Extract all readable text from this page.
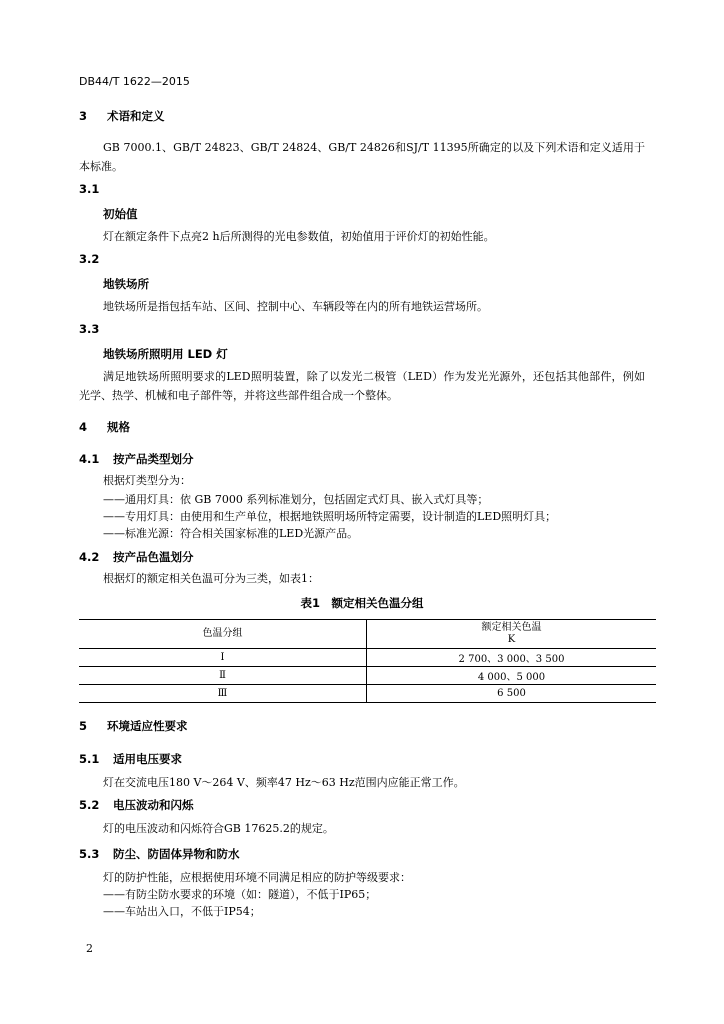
DB44/T 1622—2015
3 术语和定义
GB 7000.1、GB/T 24823、GB/T 24824、GB/T 24826和SJ/T 11395所确定的以及下列术语和定义适用于本标准。
3.1
初始值
灯在额定条件下点亮2 h后所测得的光电参数值，初始值用于评价灯的初始性能。
3.2
地铁场所
地铁场所是指包括车站、区间、控制中心、车辆段等在内的所有地铁运营场所。
3.3
地铁场所照明用 LED 灯
满足地铁场所照明要求的LED照明装置，除了以发光二极管（LED）作为发光光源外，还包括其他部件，例如光学、热学、机械和电子部件等，并将这些部件组合成一个整体。
4 规格
4.1 按产品类型划分
根据灯类型分为：
——通用灯具：依 GB 7000 系列标准划分，包括固定式灯具、嵌入式灯具等；
——专用灯具：由使用和生产单位，根据地铁照明场所特定需要，设计制造的LED照明灯具；
——标准光源：符合相关国家标准的LED光源产品。
4.2 按产品色温划分
根据灯的额定相关色温可分为三类，如表1：
表1　额定相关色温分组
色温分组	额定相关色温
K
Ⅰ	2 700、3 000、3 500
Ⅱ	4 000、5 000
Ⅲ	6 500
5 环境适应性要求
5.1 适用电压要求
灯在交流电压180 V～264 V、频率47 Hz～63 Hz范围内应能正常工作。
5.2 电压波动和闪烁
灯的电压波动和闪烁符合GB 17625.2的规定。
5.3 防尘、防固体异物和防水
灯的防护性能，应根据使用环境不同满足相应的防护等级要求：
——有防尘防水要求的环境（如：隧道），不低于IP65；
——车站出入口，不低于IP54；
2
